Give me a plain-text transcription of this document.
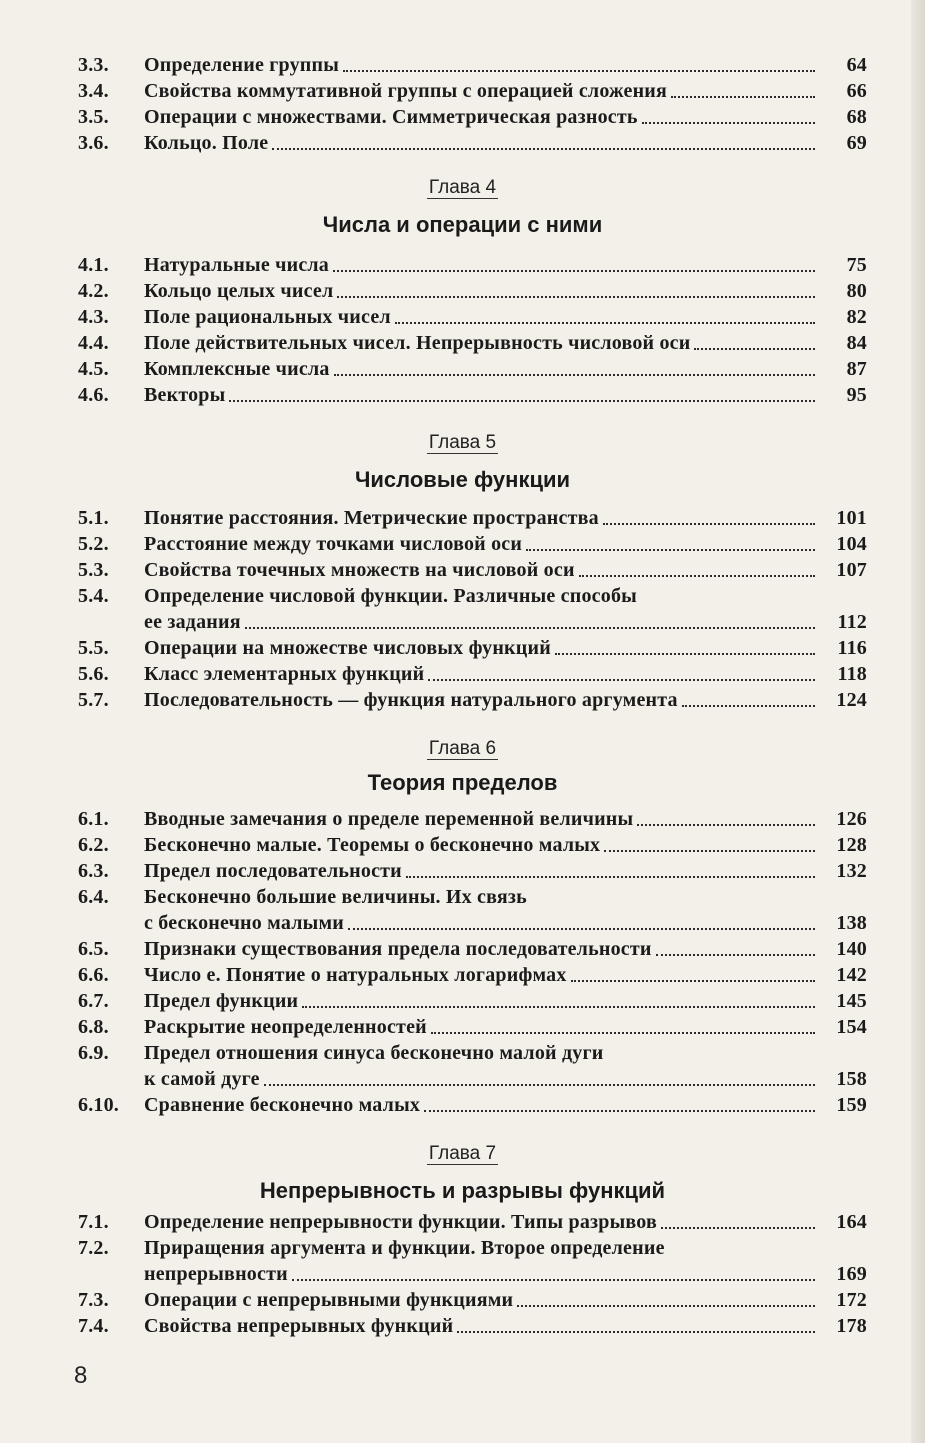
3.3.	Определение группы	64
3.4.	Свойства коммутативной группы с операцией сложения	66
3.5.	Операции с множествами. Симметрическая разность	68
3.6.	Кольцо. Поле	69
Глава 4
Числа и операции с ними
4.1.	Натуральные числа	75
4.2.	Кольцо целых чисел	80
4.3.	Поле рациональных чисел	82
4.4.	Поле действительных чисел. Непрерывность числовой оси	84
4.5.	Комплексные числа	87
4.6.	Векторы	95
Глава 5
Числовые функции
5.1.	Понятие расстояния. Метрические пространства	101
5.2.	Расстояние между точками числовой оси	104
5.3.	Свойства точечных множеств на числовой оси	107
5.4.	Определение числовой функции. Различные способы
ее задания	112
5.5.	Операции на множестве числовых функций	116
5.6.	Класс элементарных функций	118
5.7.	Последовательность — функция натурального аргумента	124
Глава 6
Теория пределов
6.1.	Вводные замечания о пределе переменной величины	126
6.2.	Бесконечно малые. Теоремы о бесконечно малых	128
6.3.	Предел последовательности	132
6.4.	Бесконечно большие величины. Их связь
с бесконечно малыми	138
6.5.	Признаки существования предела последовательности	140
6.6.	Число е. Понятие о натуральных логарифмах	142
6.7.	Предел функции	145
6.8.	Раскрытие неопределенностей	154
6.9.	Предел отношения синуса бесконечно малой дуги
к самой дуге	158
6.10.	Сравнение бесконечно малых	159
Глава 7
Непрерывность и разрывы функций
7.1.	Определение непрерывности функции. Типы разрывов	164
7.2.	Приращения аргумента и функции. Второе определение
непрерывности	169
7.3.	Операции с непрерывными функциями	172
7.4.	Свойства непрерывных функций	178
8
